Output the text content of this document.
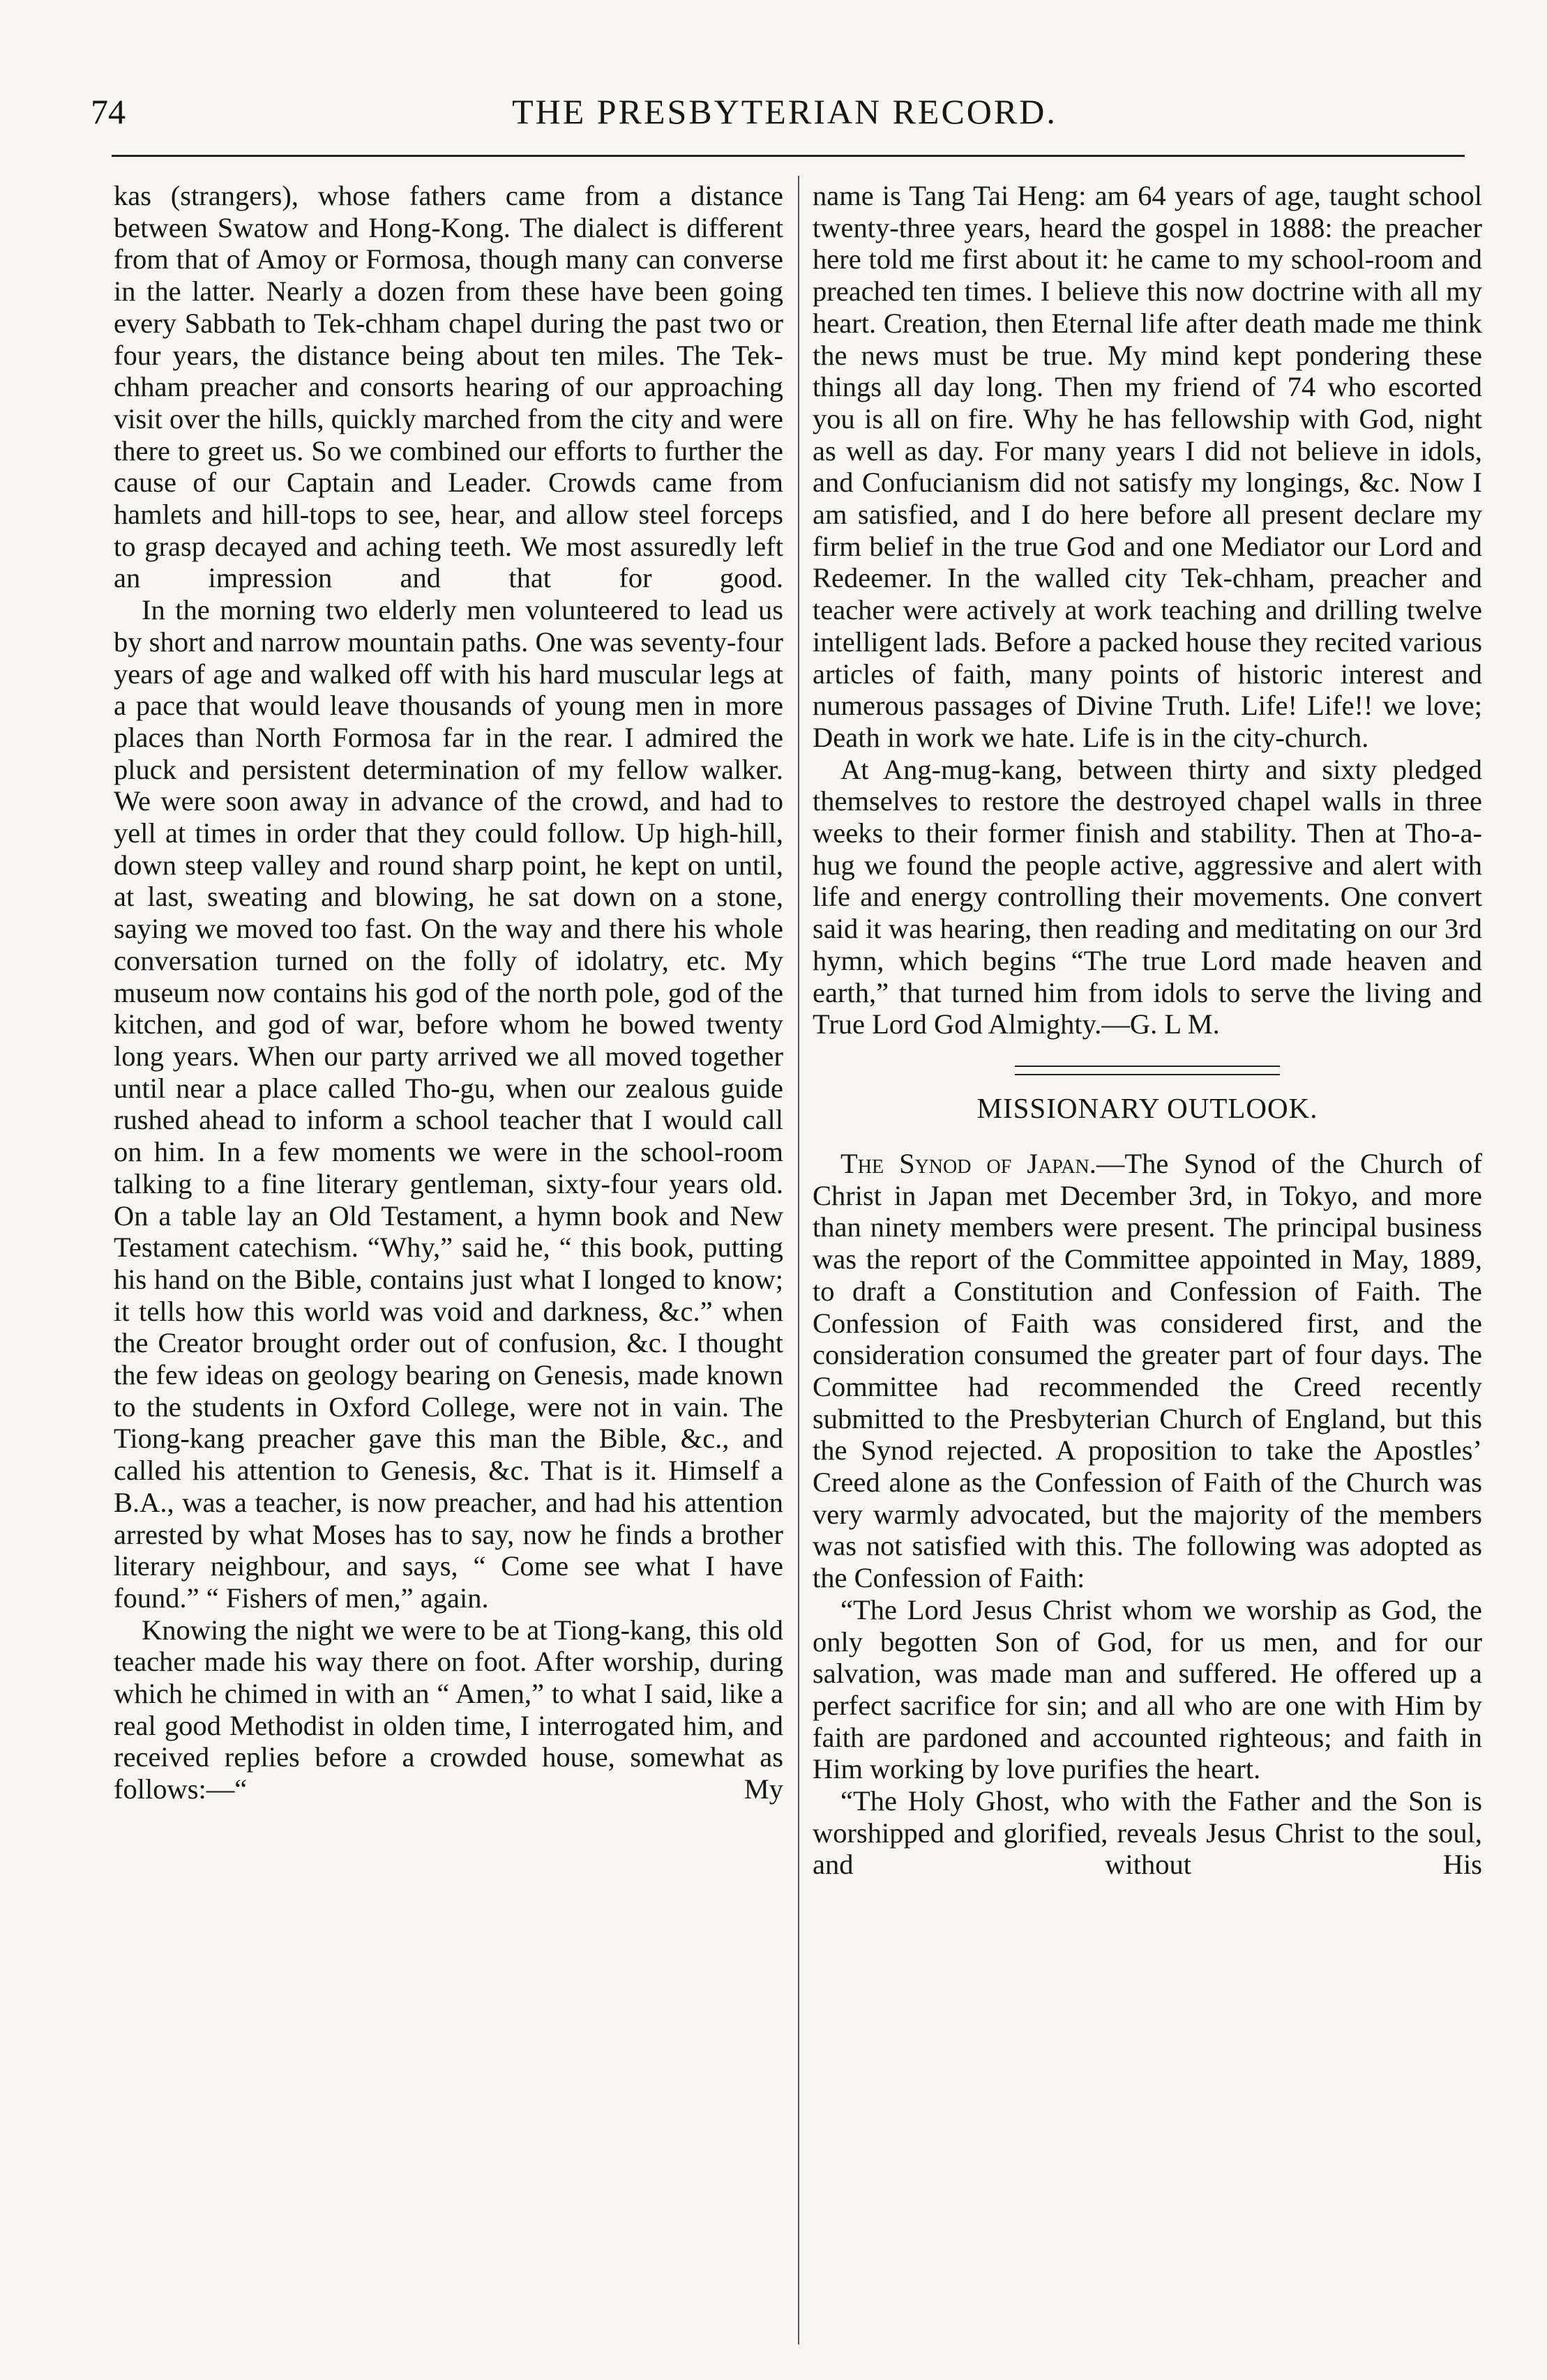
74	THE PRESBYTERIAN RECORD.

kas (strangers), whose fathers came from a distance between Swatow and Hong-Kong. The dialect is different from that of Amoy or Formosa, though many can converse in the latter. Nearly a dozen from these have been going every Sabbath to Tek-chham chapel during the past two or four years, the distance being about ten miles. The Tek-chham preacher and consorts hearing of our approaching visit over the hills, quickly marched from the city and were there to greet us. So we combined our efforts to further the cause of our Captain and Leader. Crowds came from hamlets and hill-tops to see, hear, and allow steel forceps to grasp decayed and aching teeth. We most assuredly left an impression and that for good.

In the morning two elderly men volunteered to lead us by short and narrow mountain paths. One was seventy-four years of age and walked off with his hard muscular legs at a pace that would leave thousands of young men in more places than North Formosa far in the rear. I admired the pluck and persistent determination of my fellow walker. We were soon away in advance of the crowd, and had to yell at times in order that they could follow. Up high-hill, down steep valley and round sharp point, he kept on until, at last, sweating and blowing, he sat down on a stone, saying we moved too fast. On the way and there his whole conversation turned on the folly of idolatry, etc. My museum now contains his god of the north pole, god of the kitchen, and god of war, before whom he bowed twenty long years. When our party arrived we all moved together until near a place called Tho-gu, when our zealous guide rushed ahead to inform a school teacher that I would call on him. In a few moments we were in the school-room talking to a fine literary gentleman, sixty-four years old. On a table lay an Old Testament, a hymn book and New Testament catechism. “Why,” said he, “ this book, putting his hand on the Bible, contains just what I longed to know; it tells how this world was void and darkness, &c.” when the Creator brought order out of confusion, &c. I thought the few ideas on geology bearing on Genesis, made known to the students in Oxford College, were not in vain. The Tiong-kang preacher gave this man the Bible, &c., and called his attention to Genesis, &c. That is it. Himself a B.A., was a teacher, is now preacher, and had his attention arrested by what Moses has to say, now he finds a brother literary neighbour, and says, “ Come see what I have found.” “ Fishers of men,” again.

Knowing the night we were to be at Tiong-kang, this old teacher made his way there on foot. After worship, during which he chimed in with an “ Amen,” to what I said, like a real good Methodist in olden time, I interrogated him, and received replies before a crowded house, somewhat as follows:—“ My

name is Tang Tai Heng: am 64 years of age, taught school twenty-three years, heard the gospel in 1888: the preacher here told me first about it: he came to my school-room and preached ten times. I believe this now doctrine with all my heart. Creation, then Eternal life after death made me think the news must be true. My mind kept pondering these things all day long. Then my friend of 74 who escorted you is all on fire. Why he has fellowship with God, night as well as day. For many years I did not believe in idols, and Confucianism did not satisfy my longings, &c. Now I am satisfied, and I do here before all present declare my firm belief in the true God and one Mediator our Lord and Redeemer. In the walled city Tek-chham, preacher and teacher were actively at work teaching and drilling twelve intelligent lads. Before a packed house they recited various articles of faith, many points of historic interest and numerous passages of Divine Truth. Life! Life!! we love; Death in work we hate. Life is in the city-church.

At Ang-mug-kang, between thirty and sixty pledged themselves to restore the destroyed chapel walls in three weeks to their former finish and stability. Then at Tho-a-hug we found the people active, aggressive and alert with life and energy controlling their movements. One convert said it was hearing, then reading and meditating on our 3rd hymn, which begins “The true Lord made heaven and earth,” that turned him from idols to serve the living and True Lord God Almighty.—G. L M.

MISSIONARY OUTLOOK.

The Synod of Japan.—The Synod of the Church of Christ in Japan met December 3rd, in Tokyo, and more than ninety members were present. The principal business was the report of the Committee appointed in May, 1889, to draft a Constitution and Confession of Faith. The Confession of Faith was considered first, and the consideration consumed the greater part of four days. The Committee had recommended the Creed recently submitted to the Presbyterian Church of England, but this the Synod rejected. A proposition to take the Apostles’ Creed alone as the Confession of Faith of the Church was very warmly advocated, but the majority of the members was not satisfied with this. The following was adopted as the Confession of Faith:

“The Lord Jesus Christ whom we worship as God, the only begotten Son of God, for us men, and for our salvation, was made man and suffered. He offered up a perfect sacrifice for sin; and all who are one with Him by faith are pardoned and accounted righteous; and faith in Him working by love purifies the heart.

“The Holy Ghost, who with the Father and the Son is worshipped and glorified, reveals Jesus Christ to the soul, and without His
